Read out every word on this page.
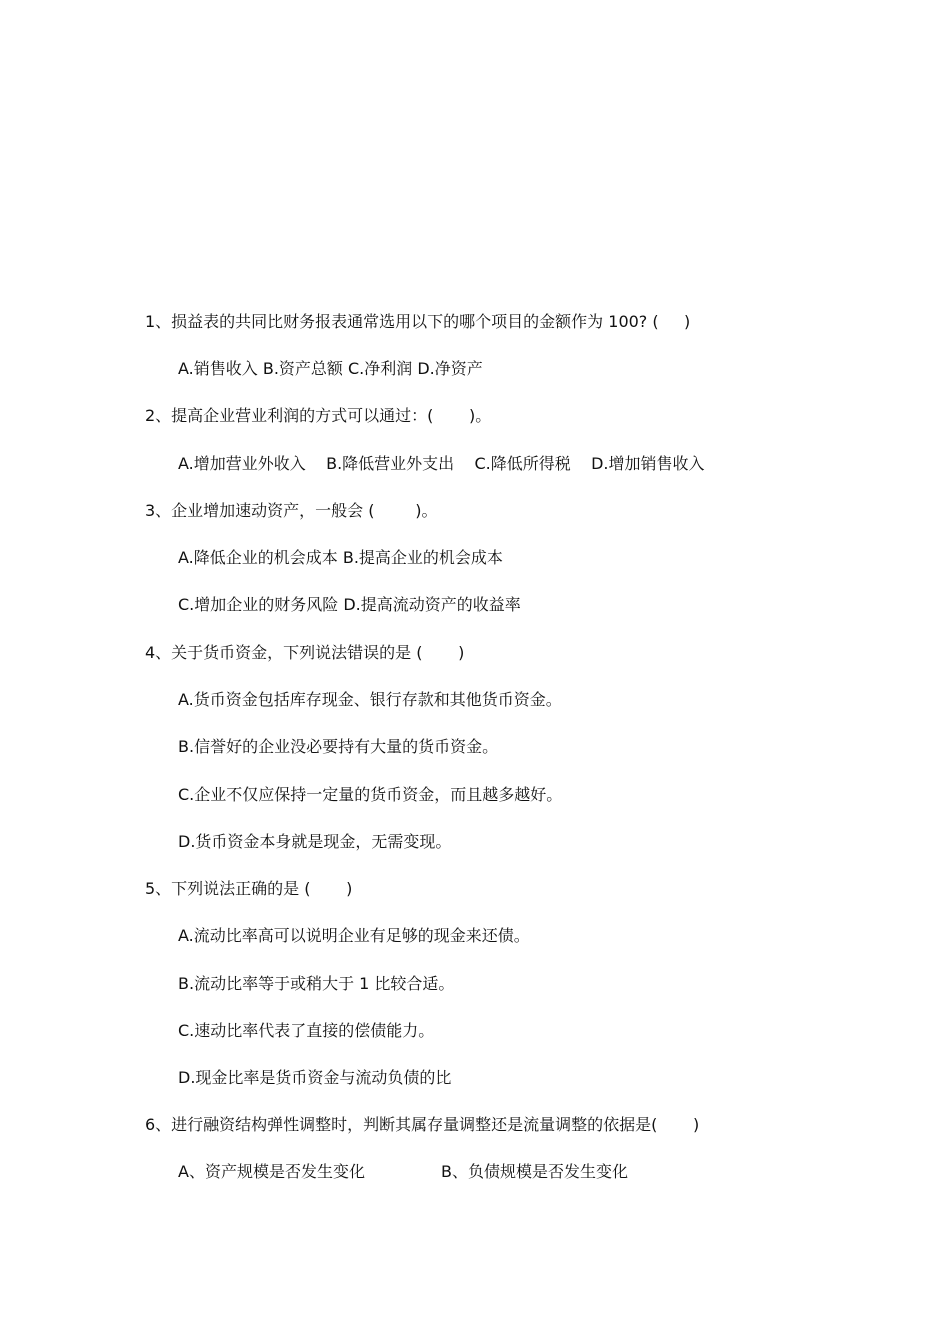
1、损益表的共同比财务报表通常选用以下的哪个项目的金额作为 100? (     )
A.销售收入 B.资产总额 C.净利润 D.净资产
2、提高企业营业利润的方式可以通过：(       )。
A.增加营业外收入    B.降低营业外支出    C.降低所得税    D.增加销售收入
3、企业增加速动资产，一般会 (        )。
A.降低企业的机会成本 B.提高企业的机会成本
C.增加企业的财务风险 D.提高流动资产的收益率
4、关于货币资金，下列说法错误的是 (       )
A.货币资金包括库存现金、银行存款和其他货币资金。
B.信誉好的企业没必要持有大量的货币资金。
C.企业不仅应保持一定量的货币资金，而且越多越好。
D.货币资金本身就是现金，无需变现。
5、下列说法正确的是 (       )
A.流动比率高可以说明企业有足够的现金来还债。
B.流动比率等于或稍大于 1 比较合适。
C.速动比率代表了直接的偿债能力。
D.现金比率是货币资金与流动负债的比
6、进行融资结构弹性调整时，判断其属存量调整还是流量调整的依据是(       )
A、资产规模是否发生变化	B、负债规模是否发生变化
